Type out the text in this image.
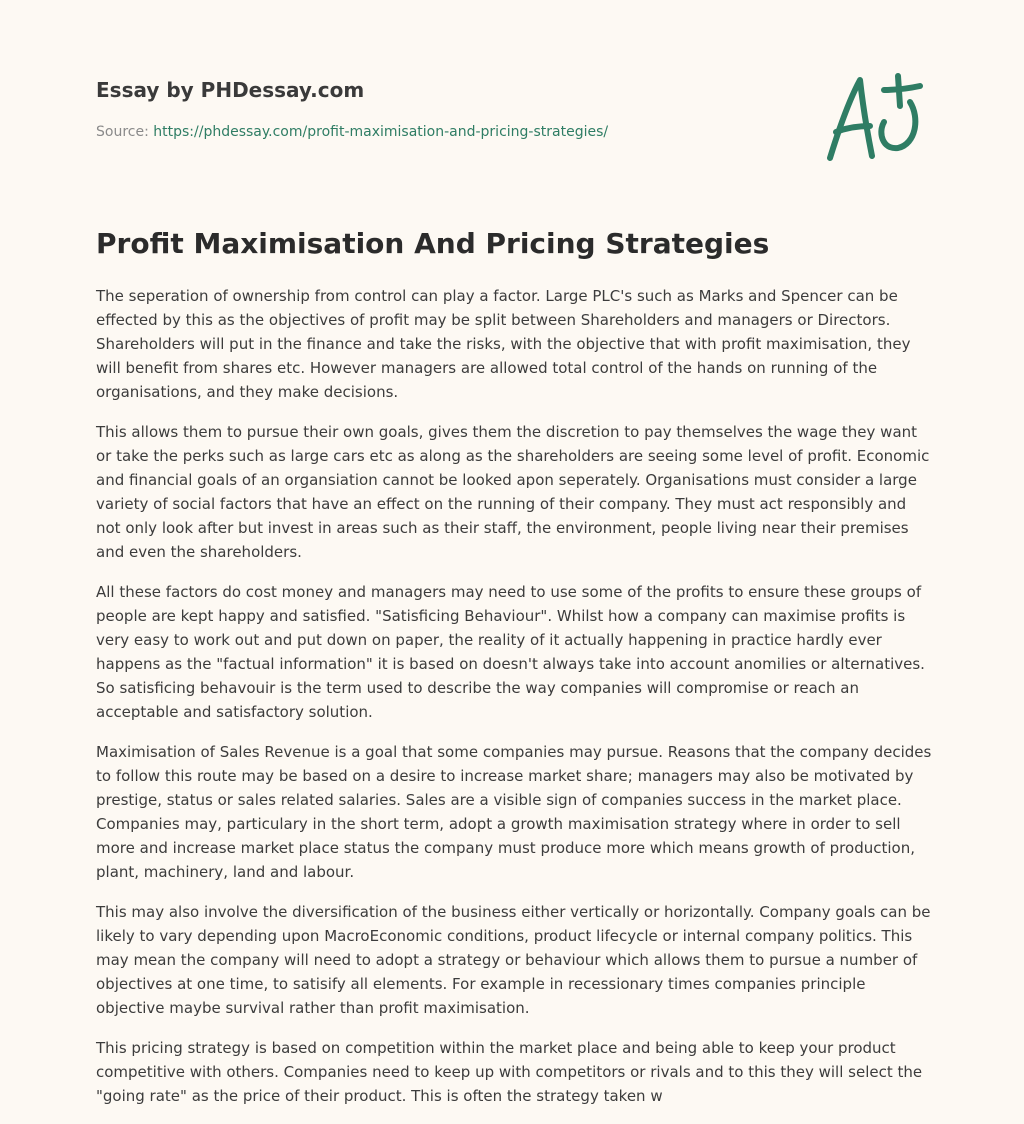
Essay by PHDessay.com
Source: https://phdessay.com/profit-maximisation-and-pricing-strategies/
Profit Maximisation And Pricing Strategies

The seperation of ownership from control can play a factor. Large PLC's such as Marks and Spencer can be effected by this as the objectives of profit may be split between Shareholders and managers or Directors. Shareholders will put in the finance and take the risks, with the objective that with profit maximisation, they will benefit from shares etc. However managers are allowed total control of the hands on running of the organisations, and they make decisions.

This allows them to pursue their own goals, gives them the discretion to pay themselves the wage they want or take the perks such as large cars etc as along as the shareholders are seeing some level of profit. Economic and financial goals of an organsiation cannot be looked apon seperately. Organisations must consider a large variety of social factors that have an effect on the running of their company. They must act responsibly and not only look after but invest in areas such as their staff, the environment, people living near their premises and even the shareholders.

All these factors do cost money and managers may need to use some of the profits to ensure these groups of people are kept happy and satisfied. "Satisficing Behaviour". Whilst how a company can maximise profits is very easy to work out and put down on paper, the reality of it actually happening in practice hardly ever happens as the "factual information" it is based on doesn't always take into account anomilies or alternatives. So satisficing behavouir is the term used to describe the way companies will compromise or reach an acceptable and satisfactory solution.

Maximisation of Sales Revenue is a goal that some companies may pursue. Reasons that the company decides to follow this route may be based on a desire to increase market share; managers may also be motivated by prestige, status or sales related salaries. Sales are a visible sign of companies success in the market place. Companies may, particulary in the short term, adopt a growth maximisation strategy where in order to sell more and increase market place status the company must produce more which means growth of production, plant, machinery, land and labour.

This may also involve the diversification of the business either vertically or horizontally. Company goals can be likely to vary depending upon MacroEconomic conditions, product lifecycle or internal company politics. This may mean the company will need to adopt a strategy or behaviour which allows them to pursue a number of objectives at one time, to satisify all elements. For example in recessionary times companies principle objective maybe survival rather than profit maximisation.

This pricing strategy is based on competition within the market place and being able to keep your product competitive with others. Companies need to keep up with competitors or rivals and to this they will select the "going rate" as the price of their product. This is often the strategy taken w
